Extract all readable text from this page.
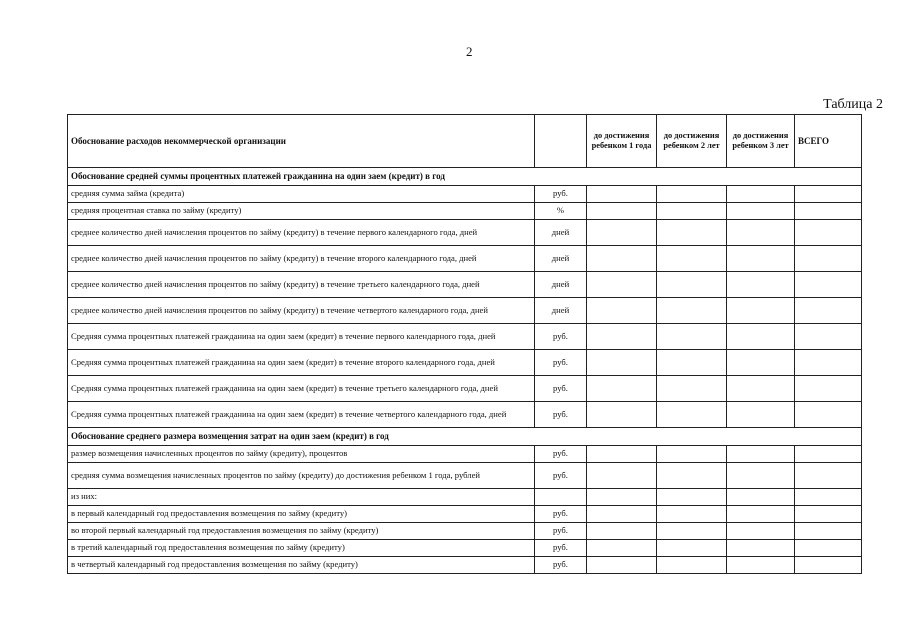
2
Таблица 2
Обоснование расходов некоммерческой организации		до достижения ребенком 1 года	до достижения ребенком 2 лет	до достижения ребенком 3 лет	ВСЕГО
Обоснование средней суммы процентных платежей гражданина на один заем (кредит) в год					
средняя сумма займа (кредита)	руб.				
средняя процентная ставка по займу (кредиту)	%				
среднее количество дней начисления процентов по займу (кредиту) в течение первого календарного года, дней	дней				
среднее количество дней начисления процентов по займу (кредиту) в течение второго календарного года, дней	дней				
среднее количество дней начисления процентов по займу (кредиту) в течение третьего календарного года, дней	дней				
среднее количество дней начисления процентов по займу (кредиту) в течение четвертого календарного года, дней	дней				
Средняя сумма процентных платежей гражданина на один заем (кредит) в течение первого календарного года, дней	руб.				
Средняя сумма процентных платежей гражданина на один заем (кредит) в течение второго календарного года, дней	руб.				
Средняя сумма процентных платежей гражданина на один заем (кредит) в течение третьего календарного года, дней	руб.				
Средняя сумма процентных платежей гражданина на один заем (кредит) в течение четвертого календарного года, дней	руб.				
Обоснование среднего размера возмещения затрат на один заем (кредит) в год					
размер возмещения начисленных процентов по займу (кредиту), процентов	руб.				
средняя сумма возмещения начисленных процентов по займу (кредиту) до достижения ребенком 1 года, рублей	руб.				
из них:					
в первый календарный год предоставления возмещения по займу (кредиту)	руб.				
во второй первый календарный год предоставления возмещения по займу (кредиту)	руб.				
в третий календарный год предоставления возмещения по займу (кредиту)	руб.				
в четвертый календарный год предоставления возмещения по займу (кредиту)	руб.				
